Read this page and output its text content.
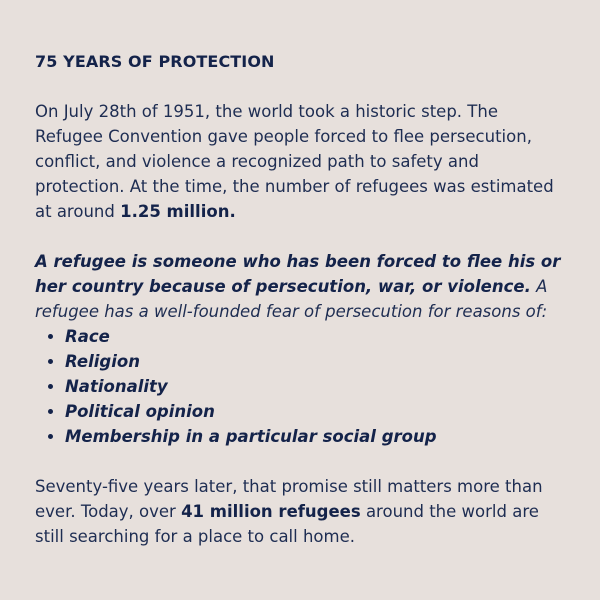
75 YEARS OF PROTECTION

On July 28th of 1951, the world took a historic step. The Refugee Convention gave people forced to flee persecution, conflict, and violence a recognized path to safety and protection. At the time, the number of refugees was estimated at around 1.25 million.

A refugee is someone who has been forced to flee his or her country because of persecution, war, or violence. A refugee has a well-founded fear of persecution for reasons of:

Race
Religion
Nationality
Political opinion
Membership in a particular social group

Seventy-five years later, that promise still matters more than ever. Today, over 41 million refugees around the world are still searching for a place to call home.
